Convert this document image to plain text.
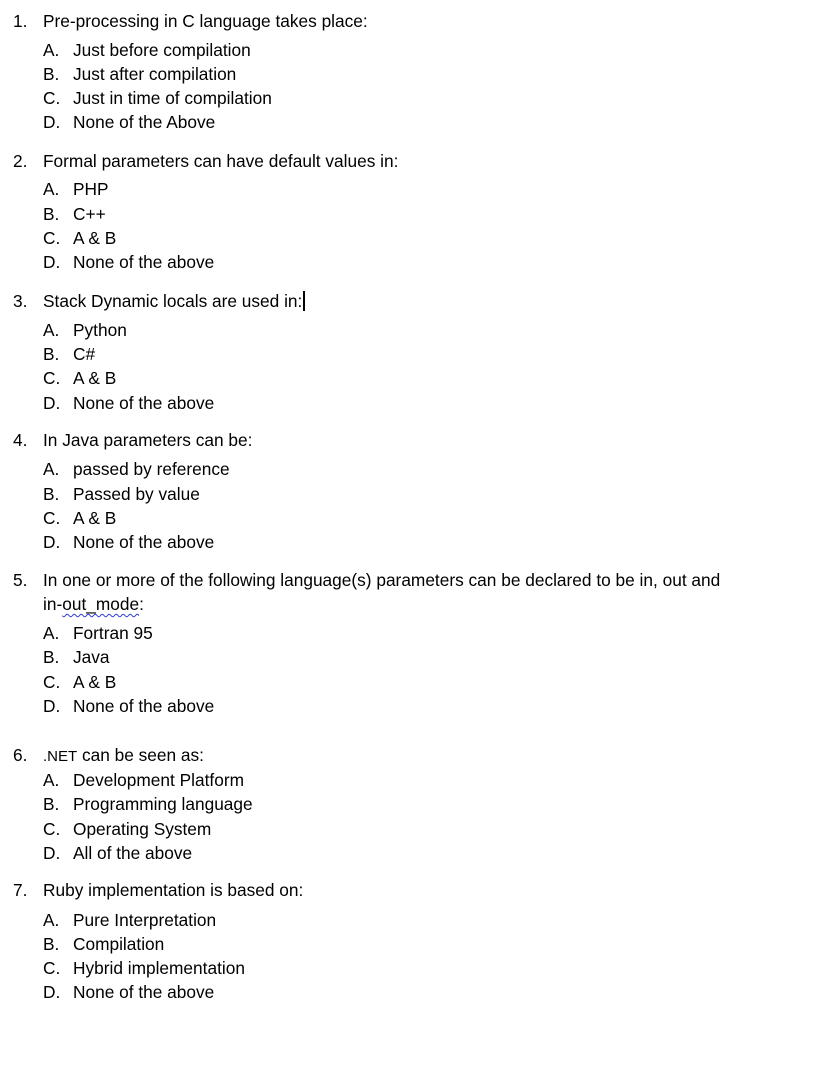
1. Pre-processing in C language takes place:
A. Just before compilation
B. Just after compilation
C. Just in time of compilation
D. None of the Above
2. Formal parameters can have default values in:
A. PHP
B. C++
C. A & B
D. None of the above
3. Stack Dynamic locals are used in:
A. Python
B. C#
C. A & B
D. None of the above
4. In Java parameters can be:
A. passed by reference
B. Passed by value
C. A & B
D. None of the above
5. In one or more of the following language(s) parameters can be declared to be in, out and
in-out_mode:
A. Fortran 95
B. Java
C. A & B
D. None of the above
6. .NET can be seen as:
A. Development Platform
B. Programming language
C. Operating System
D. All of the above
7. Ruby implementation is based on:
A. Pure Interpretation
B. Compilation
C. Hybrid implementation
D. None of the above
